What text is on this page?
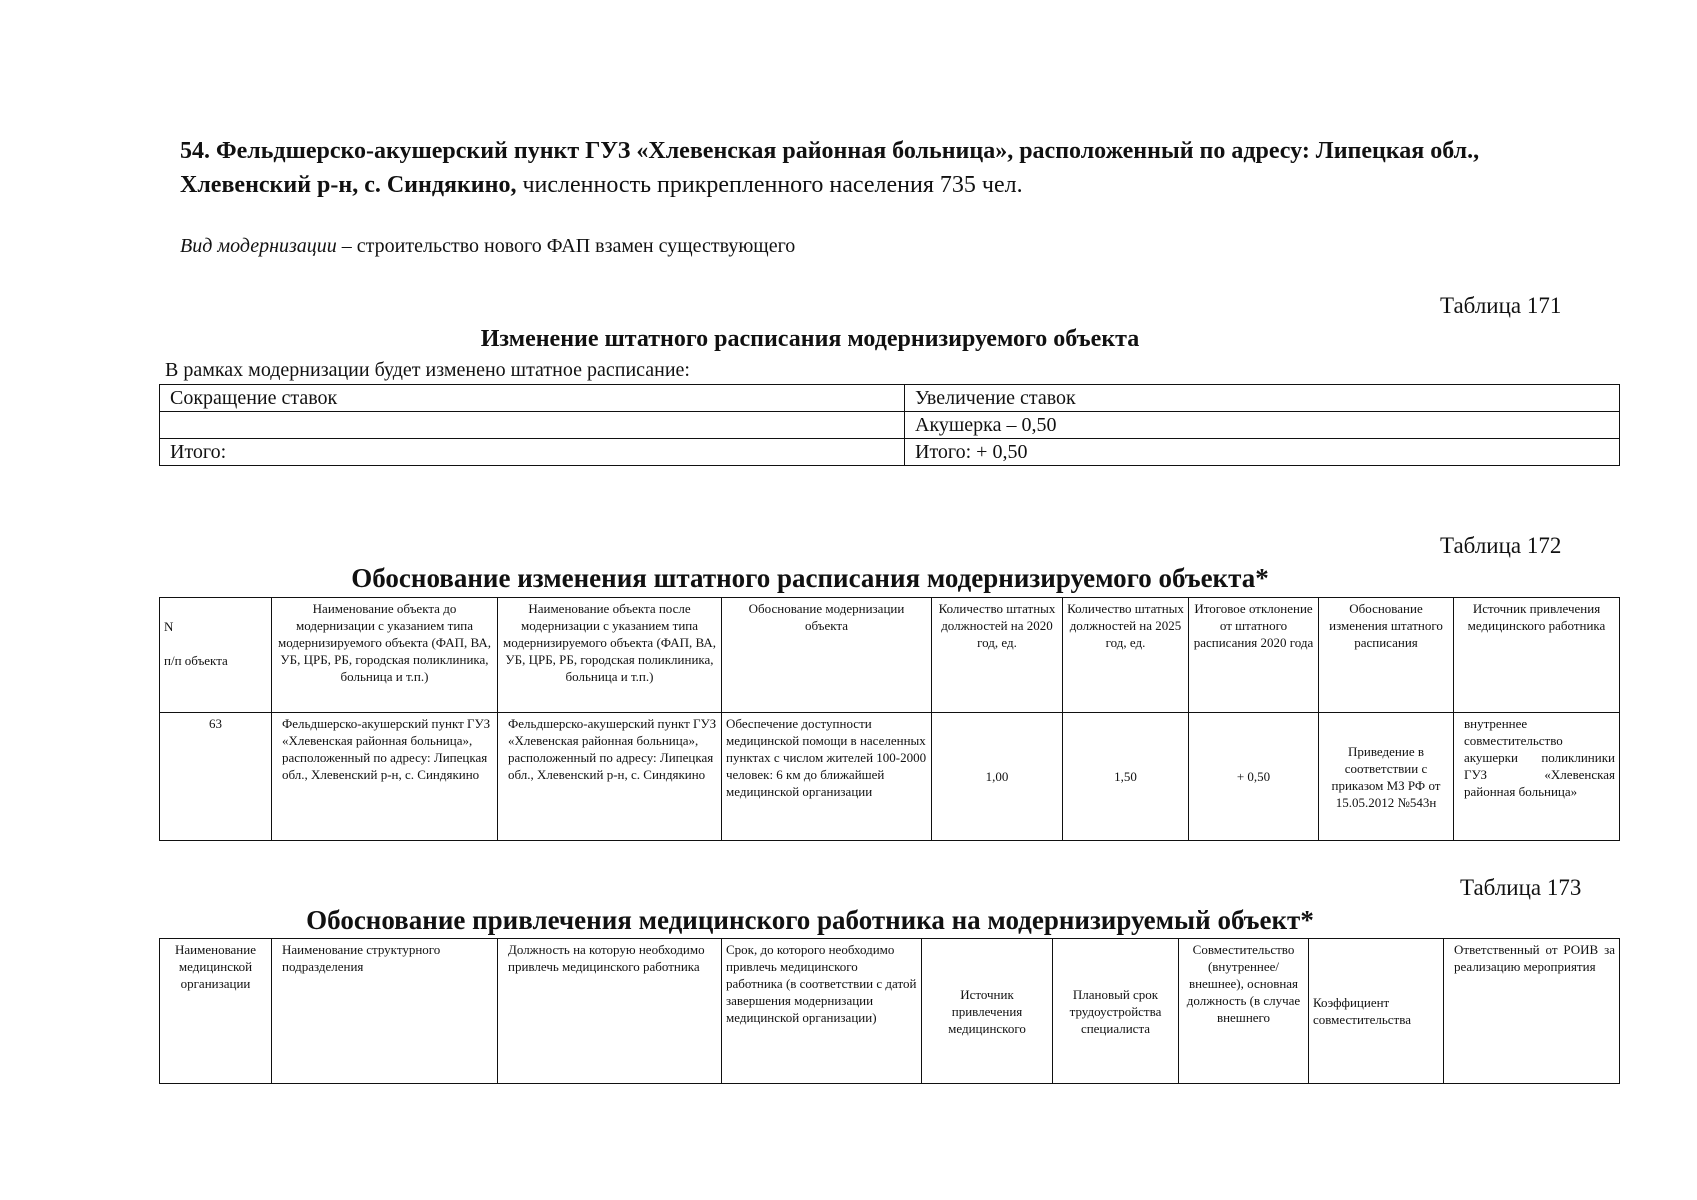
54. Фельдшерско-акушерский пункт ГУЗ «Хлевенская районная больница», расположенный по адресу: Липецкая обл., Хлевенский р-н, с. Синдякино, численность прикрепленного населения 735 чел.
Вид модернизации – строительство нового ФАП взамен существующего
Таблица 171
Изменение штатного расписания модернизируемого объекта
В рамках модернизации будет изменено штатное расписание:
Сокращение ставок	Увеличение ставок
	Акушерка – 0,50
Итого:	Итого: + 0,50
Таблица 172
Обоснование изменения штатного расписания модернизируемого объекта*
N
п/п объекта	Наименование объекта до модернизации с указанием типа модернизируемого объекта (ФАП, ВА, УБ, ЦРБ, РБ, городская поликлиника, больница и т.п.)	Наименование объекта после модернизации с указанием типа модернизируемого объекта (ФАП, ВА, УБ, ЦРБ, РБ, городская поликлиника, больница и т.п.)	Обоснование модернизации объекта	Количество штатных должностей на 2020 год, ед.	Количество штатных должностей на 2025 год, ед.	Итоговое отклонение от штатного расписания 2020 года	Обоснование изменения штатного расписания	Источник привлечения медицинского работника
63	Фельдшерско-акушерский пункт ГУЗ «Хлевенская районная больница», расположенный по адресу: Липецкая обл., Хлевенский р-н, с. Синдякино	Фельдшерско-акушерский пункт ГУЗ «Хлевенская районная больница», расположенный по адресу: Липецкая обл., Хлевенский р-н, с. Синдякино	Обеспечение доступности медицинской помощи в населенных пунктах с числом жителей 100-2000 человек: 6 км до ближайшей медицинской организации	1,00	1,50	+ 0,50	Приведение в соответствии с приказом МЗ РФ от 15.05.2012 №543н	внутреннее совместительство акушерки поликлиники ГУЗ «Хлевенская районная больница»
Таблица 173
Обоснование привлечения медицинского работника на модернизируемый объект*
Наименование медицинской организации	Наименование структурного подразделения	Должность на которую необходимо привлечь медицинского работника	Срок, до которого необходимо привлечь медицинского работника (в соответствии с датой завершения модернизации медицинской организации)	Источник привлечения медицинского	Плановый срок трудоустройства специалиста	Совместительство (внутреннее/внешнее), основная должность (в случае внешнего	Коэффициент совместительства	Ответственный от РОИВ за реализацию мероприятия
